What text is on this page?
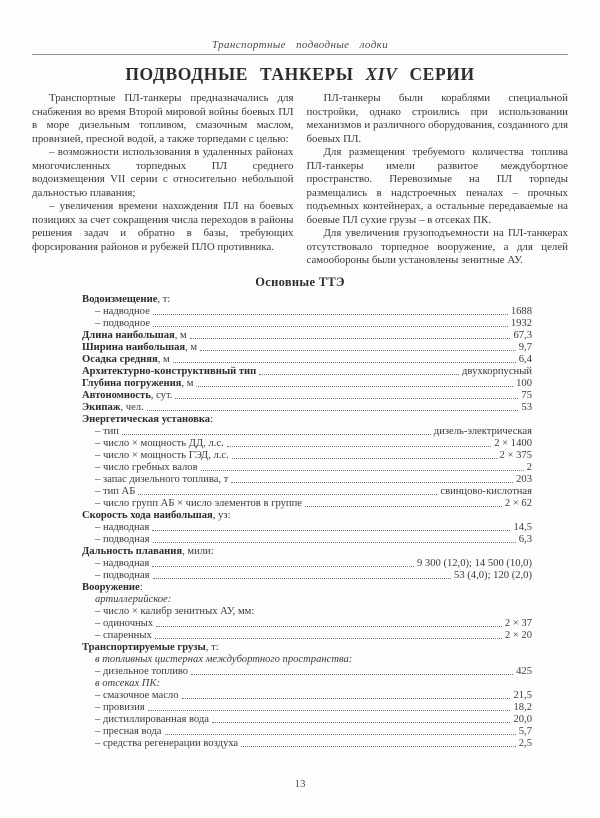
Транспортные подводные лодки
ПОДВОДНЫЕ ТАНКЕРЫ XIV СЕРИИ

Транспортные ПЛ-танкеры предназначались для снабжения во время Второй мировой войны боевых ПЛ в море дизельным топливом, смазочным маслом, провизией, пресной водой, а также торпедами с целью:

– возможности использования в удаленных районах многочисленных торпедных ПЛ среднего водоизмещения VII серии с относительно небольшой дальностью плавания;

– увеличения времени нахождения ПЛ на боевых позициях за счет сокращения числа переходов в районы решения задач и обратно в базы, требующих форсирования районов и рубежей ПЛО противника.

ПЛ-танкеры были кораблями специальной постройки, однако строились при использовании механизмов и различного оборудования, созданного для боевых ПЛ.

Для размещения требуемого количества топлива ПЛ-танкеры имели развитое междубортное пространство. Перевозимые на ПЛ торпеды размещались в надстроечных пеналах – прочных подъемных контейнерах, а остальные передаваемые на боевые ПЛ сухие грузы – в отсеках ПК.

Для увеличения грузоподъемности на ПЛ-танкерах отсутствовало торпедное вооружение, а для целей самообороны были установлены зенитные АУ.

Основные ТТЭ
Водоизмещение, т:
– надводное	1688
– подводное	1932
Длина наибольшая, м	67,3
Ширина наибольшая, м	9,7
Осадка средняя, м	6,4
Архитектурно-конструктивный тип	двухкорпусный
Глубина погружения, м	100
Автономность, сут.	75
Экипаж, чел.	53
Энергетическая установка:
– тип	дизель-электрическая
– число × мощность ДД, л.с.	2 × 1400
– число × мощность ГЭД, л.с.	2 × 375
– число гребных валов	2
– запас дизельного топлива, т	203
– тип АБ	свинцово-кислотная
– число групп АБ × число элементов в группе	2 × 62
Скорость хода наибольшая, уз:
– надводная	14,5
– подводная	6,3
Дальность плавания, мили:
– надводная	9 300 (12,0); 14 500 (10,0)
– подводная	53 (4,0); 120 (2,0)
Вооружение:
артиллерийское:
– число × калибр зенитных АУ, мм:
– одиночных	2 × 37
– спаренных	2 × 20
Транспортируемые грузы, т:
в топливных цистернах междубортного пространства:
– дизельное топливо	425
в отсеках ПК:
– смазочное масло	21,5
– провизия	18,2
– дистиллированная вода	20,0
– пресная вода	5,7
– средства регенерации воздуха	2,5
13
